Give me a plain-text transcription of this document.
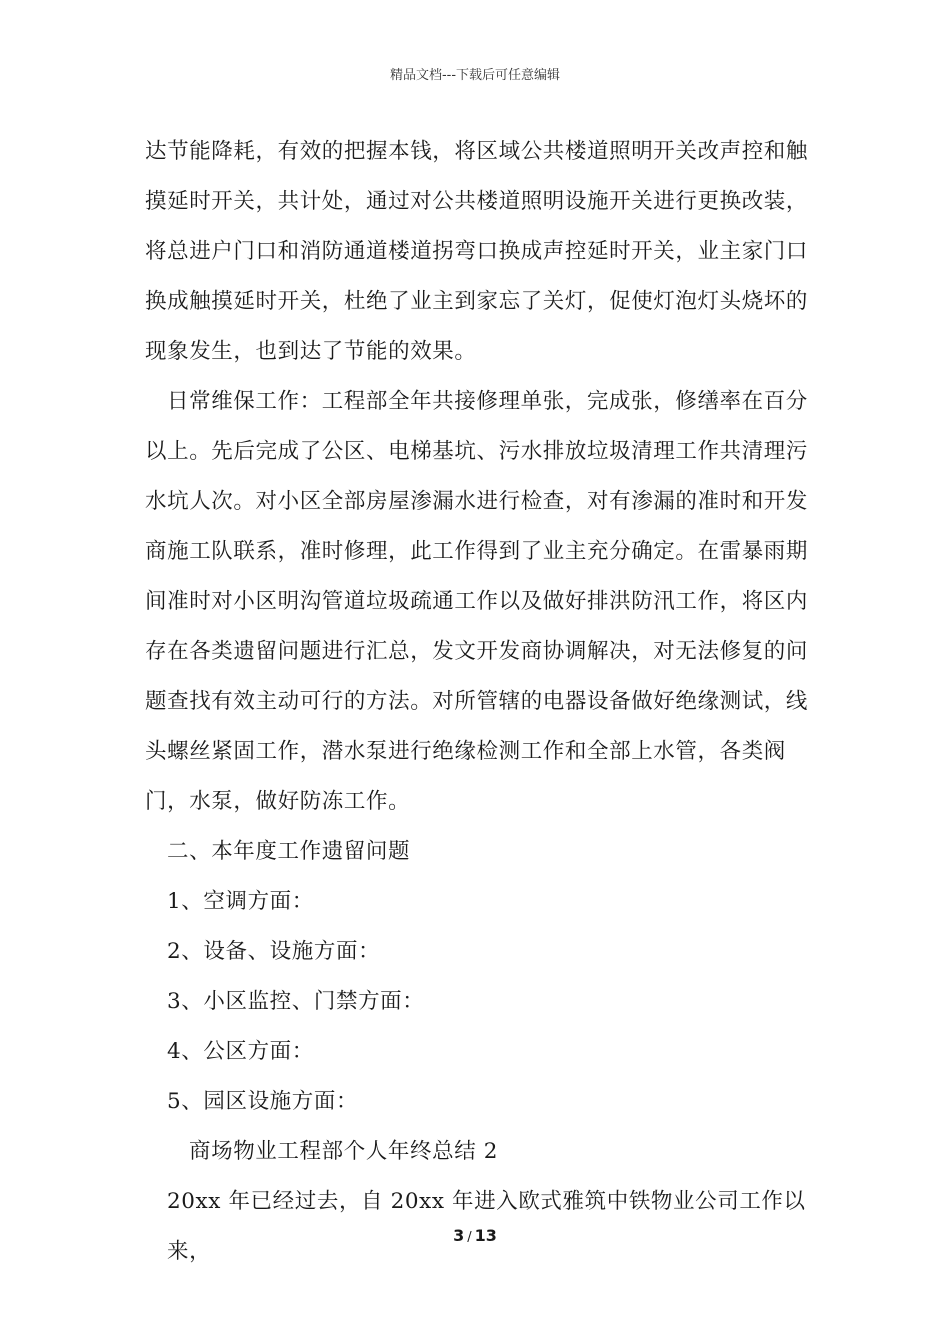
精品文档---下载后可任意编辑

达节能降耗，有效的把握本钱，将区域公共楼道照明开关改声控和触摸延时开关，共计处，通过对公共楼道照明设施开关进行更换改装，将总进户门口和消防通道楼道拐弯口换成声控延时开关，业主家门口换成触摸延时开关，杜绝了业主到家忘了关灯，促使灯泡灯头烧坏的现象发生，也到达了节能的效果。

日常维保工作：工程部全年共接修理单张，完成张，修缮率在百分以上。先后完成了公区、电梯基坑、污水排放垃圾清理工作共清理污水坑人次。对小区全部房屋渗漏水进行检查，对有渗漏的准时和开发商施工队联系，准时修理，此工作得到了业主充分确定。在雷暴雨期间准时对小区明沟管道垃圾疏通工作以及做好排洪防汛工作，将区内存在各类遗留问题进行汇总，发文开发商协调解决，对无法修复的问题查找有效主动可行的方法。对所管辖的电器设备做好绝缘测试，线头螺丝紧固工作，潜水泵进行绝缘检测工作和全部上水管，各类阀门，水泵，做好防冻工作。

二、本年度工作遗留问题

1、空调方面：

2、设备、设施方面：

3、小区监控、门禁方面：

4、公区方面：

5、园区设施方面：

商场物业工程部个人年终总结 2

20xx 年已经过去，自 20xx 年进入欧式雅筑中铁物业公司工作以来，

3 / 13
